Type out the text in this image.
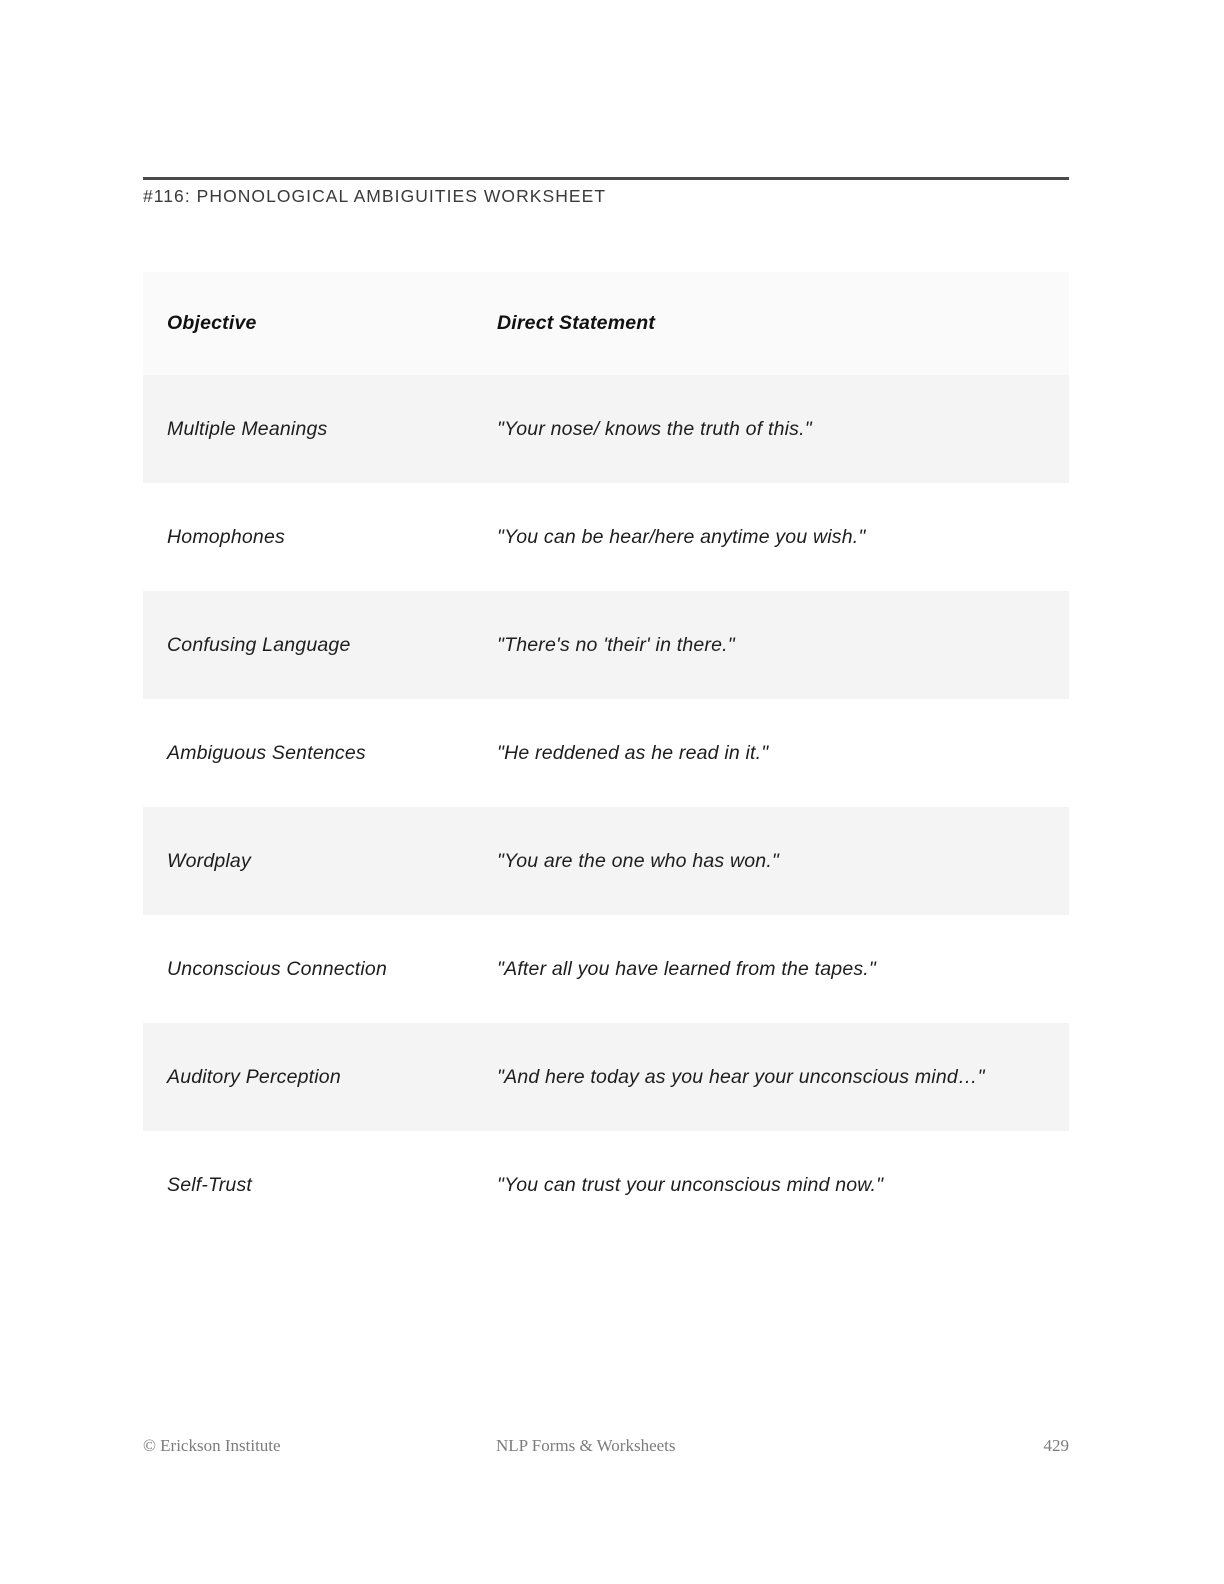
#116: PHONOLOGICAL AMBIGUITIES WORKSHEET
Objective	Direct Statement
Multiple Meanings	"Your nose/ knows the truth of this."
Homophones	"You can be hear/here anytime you wish."
Confusing Language	"There's no 'their' in there."
Ambiguous Sentences	"He reddened as he read in it."
Wordplay	"You are the one who has won."
Unconscious Connection	"After all you have learned from the tapes."
Auditory Perception	"And here today as you hear your unconscious mind…"
Self-Trust	"You can trust your unconscious mind now."
© Erickson Institute	NLP Forms & Worksheets	429
